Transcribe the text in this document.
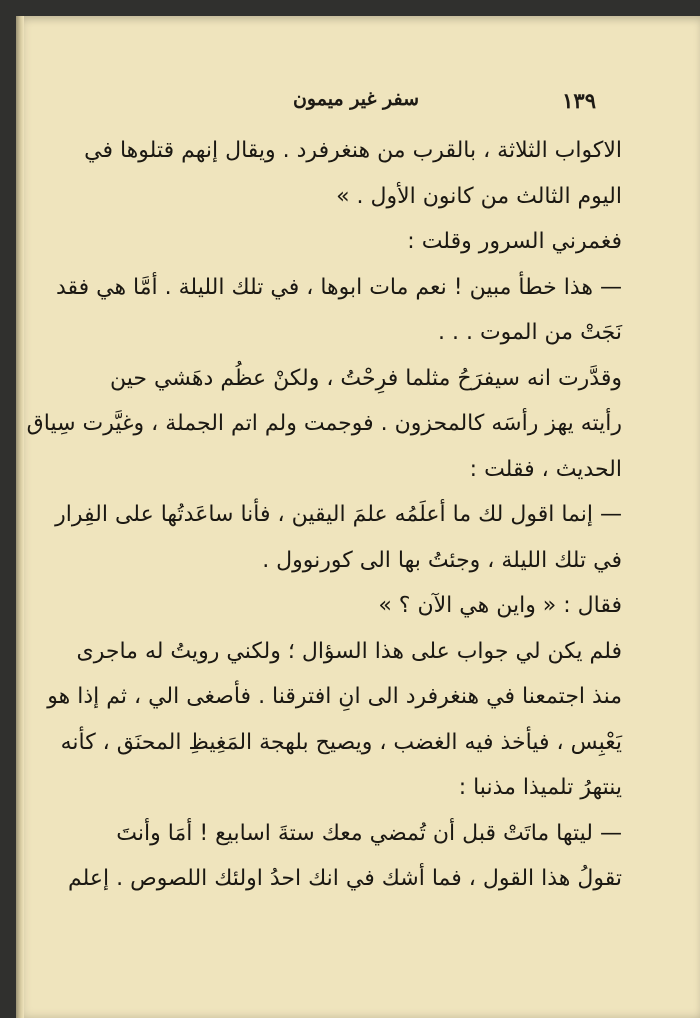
١٣٩
سفر غير ميمون
الاكواب الثلاثة ، بالقرب من هنغرفرد . ويقال إنهم قتلوها في
اليوم الثالث من كانون الأول . »
فغمرني السرور وقلت :
— هذا خطأ مبين ! نعم مات ابوها ، في تلك الليلة . أمَّا هي فقد
نَجَتْ من الموت . . .
وقدَّرت انه سيفرَحُ مثلما فرِحْتُ ، ولكنْ عظُم دهَشي حين
رأيته يهز رأسَه كالمحزون . فوجمت ولم اتم الجملة ، وغيَّرت سِياق
الحديث ، فقلت :
— إنما اقول لك ما أعلَمُه علمَ اليقين ، فأنا ساعَدتُها على الفِرار
في تلك الليلة ، وجئتُ بها الى كورنوول .
فقال : « واين هي الآن ؟ »
فلم يكن لي جواب على هذا السؤال ؛ ولكني رويتُ له ماجرى
منذ اجتمعنا في هنغرفرد الى انِ افترقنا . فأصغى الي ، ثم إذا هو
يَعْبِس ، فيأخذ فيه الغضب ، ويصيح بلهجة المَغِيظِ المحنَق ، كأنه
ينتهرُ تلميذا مذنبا :
— ليتها ماتَتْ قبل أن تُمضي معك ستةَ اسابيع ! أمَا وأنتَ
تقولُ هذا القول ، فما أشك في انك احدُ اولئك اللصوص . إعلم
